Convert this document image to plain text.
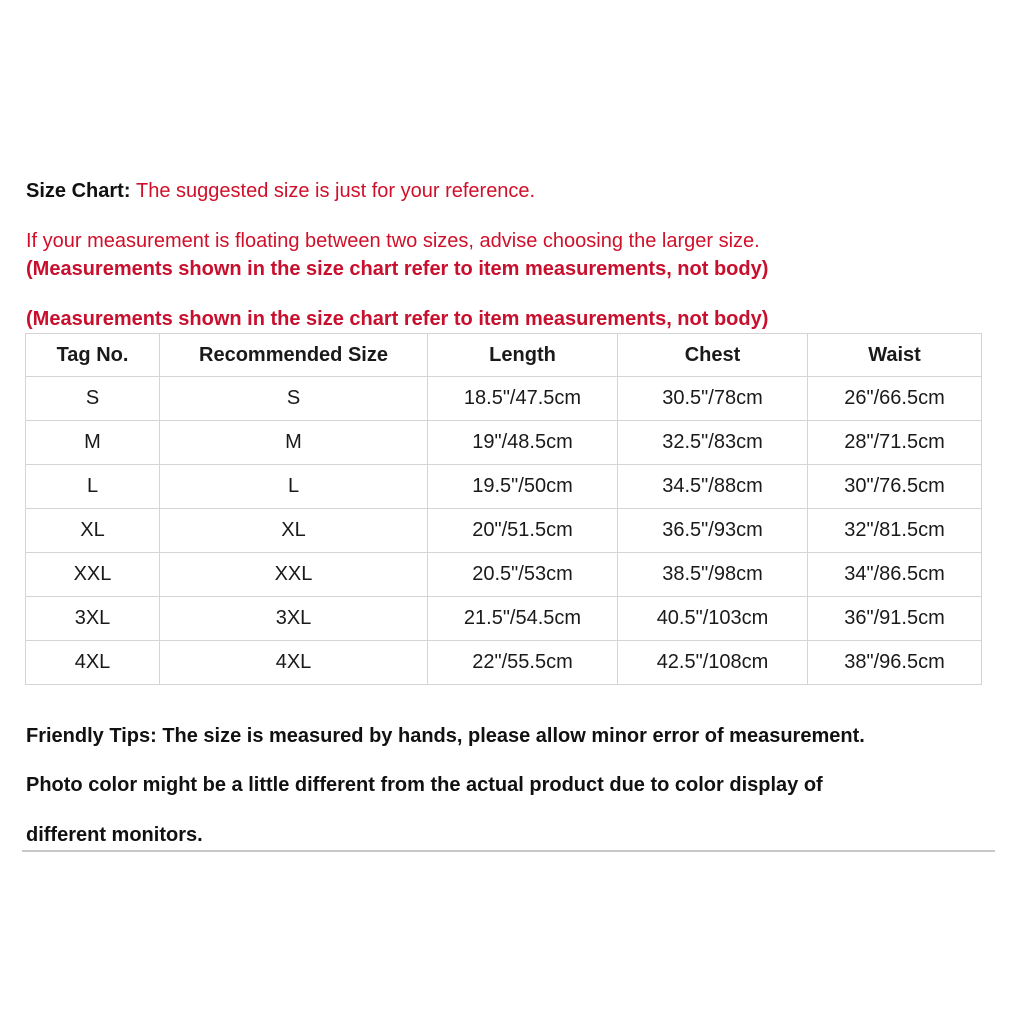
Size Chart: The suggested size is just for your reference.
If your measurement is floating between two sizes, advise choosing the larger size.
(Measurements shown in the size chart refer to item measurements, not body)
(Measurements shown in the size chart refer to item measurements, not body)
Tag No.	Recommended Size	Length	Chest	Waist
S	S	18.5"/47.5cm	30.5"/78cm	26"/66.5cm
M	M	19"/48.5cm	32.5"/83cm	28"/71.5cm
L	L	19.5"/50cm	34.5"/88cm	30"/76.5cm
XL	XL	20"/51.5cm	36.5"/93cm	32"/81.5cm
XXL	XXL	20.5"/53cm	38.5"/98cm	34"/86.5cm
3XL	3XL	21.5"/54.5cm	40.5"/103cm	36"/91.5cm
4XL	4XL	22"/55.5cm	42.5"/108cm	38"/96.5cm
Friendly Tips: The size is measured by hands, please allow minor error of measurement.
Photo color might be a little different from the actual product due to color display of
different monitors.
